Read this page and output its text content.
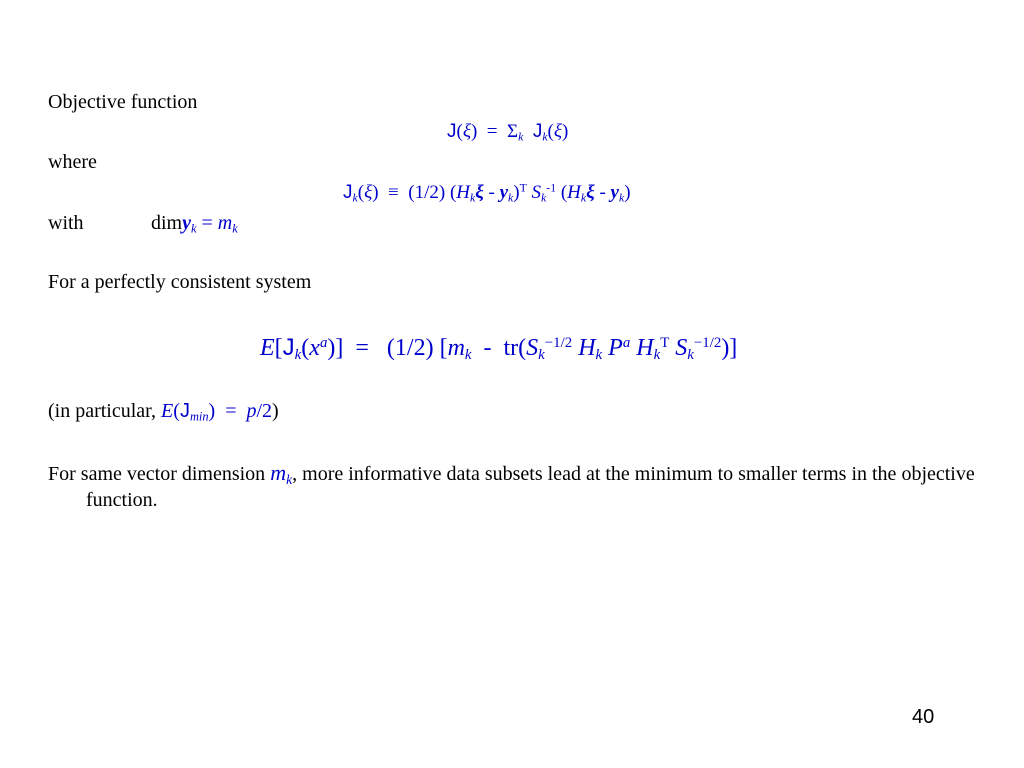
Objective function
$J(\xi) = \Sigma_k$ $J_k(\xi)$
where
$J_k(\xi) \equiv (1/2)$ $(H_k\xi - y_k)^T$ $S_k^{-1}$ $(H_k\xi - y_k)$
with	dimy$_k$ = $m_k$
For a perfectly consistent system
$E[J_k(x^a)] = (1/2)$ [$m_k - tr(S_k^{-1/2}$ $H_k$ $P^a$ $H_k^T$ $S_k^{-1/2}$)]
(in particular, $E(J_{min}) = p/2$)
For same vector dimension $m_k$, more informative data subsets lead at the minimum to smaller terms in the objective function.
40
